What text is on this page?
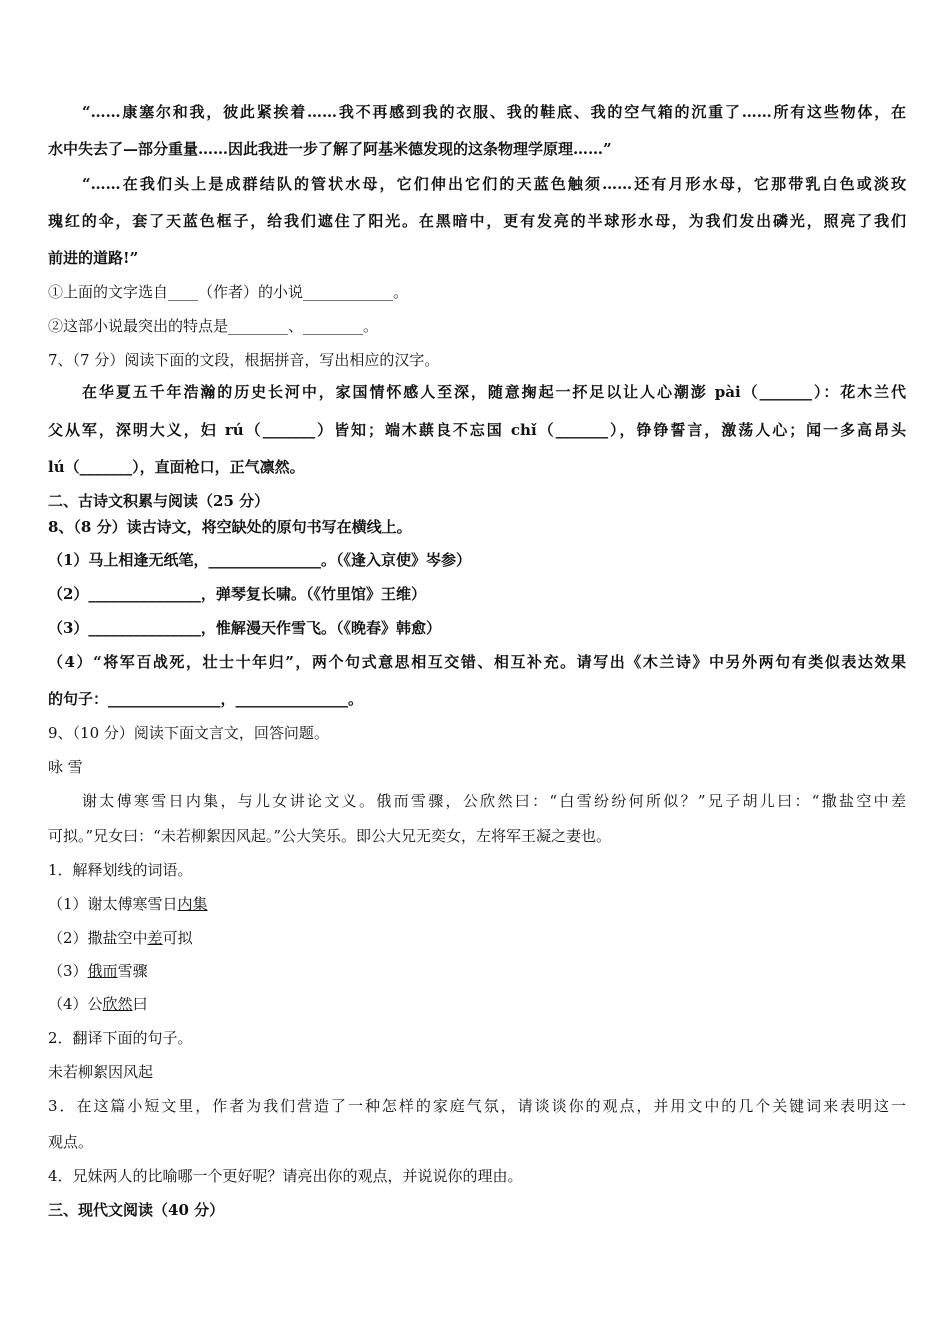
“……康塞尔和我，彼此紧挨着……我不再感到我的衣服、我的鞋底、我的空气箱的沉重了……所有这些物体，在
水中失去了—部分重量……因此我进一步了解了阿基米德发现的这条物理学原理……”
“……在我们头上是成群结队的管状水母，它们伸出它们的天蓝色触须……还有月形水母，它那带乳白色或淡玫
瑰红的伞，套了天蓝色框子，给我们遮住了阳光。在黑暗中，更有发亮的半球形水母，为我们发出磷光，照亮了我们
前进的道路!”
①上面的文字选自____（作者）的小说____________。
②这部小说最突出的特点是________、________。
7、（7 分）阅读下面的文段，根据拼音，写出相应的汉字。
在华夏五千年浩瀚的历史长河中，家国情怀感人至深，随意掬起一抔足以让人心潮澎 pài（_______）：花木兰代
父从军，深明大义，妇 rú（_______）皆知；端木蕻良不忘国 chǐ（_______），铮铮誓言，激荡人心；闻一多高昂头
lú（_______），直面枪口，正气凛然。
二、古诗文积累与阅读（25 分）
8、（8 分）读古诗文，将空缺处的原句书写在横线上。
（1）马上相逢无纸笔，_______________。（《逢入京使》岑参）
（2）_______________，弹琴复长啸。（《竹里馆》王维）
（3）_______________，惟解漫天作雪飞。（《晚春》韩愈）
（4）“将军百战死，壮士十年归”，两个句式意思相互交错、相互补充。请写出《木兰诗》中另外两句有类似表达效果
的句子：_______________，_______________。
9、（10 分）阅读下面文言文，回答问题。
咏 雪
谢太傅寒雪日内集，与儿女讲论文义。俄而雪骤，公欣然曰：“白雪纷纷何所似？”兄子胡儿曰：“撒盐空中差
可拟。”兄女曰：“未若柳絮因风起。”公大笑乐。即公大兄无奕女，左将军王凝之妻也。
1．解释划线的词语。
（1）谢太傅寒雪日内集
（2）撒盐空中差可拟
（3）俄而雪骤
（4）公欣然曰
2．翻译下面的句子。
未若柳絮因风起
3．在这篇小短文里，作者为我们营造了一种怎样的家庭气氛，请谈谈你的观点，并用文中的几个关键词来表明这一
观点。
4．兄妹两人的比喻哪一个更好呢？请亮出你的观点，并说说你的理由。
三、现代文阅读（40 分）
